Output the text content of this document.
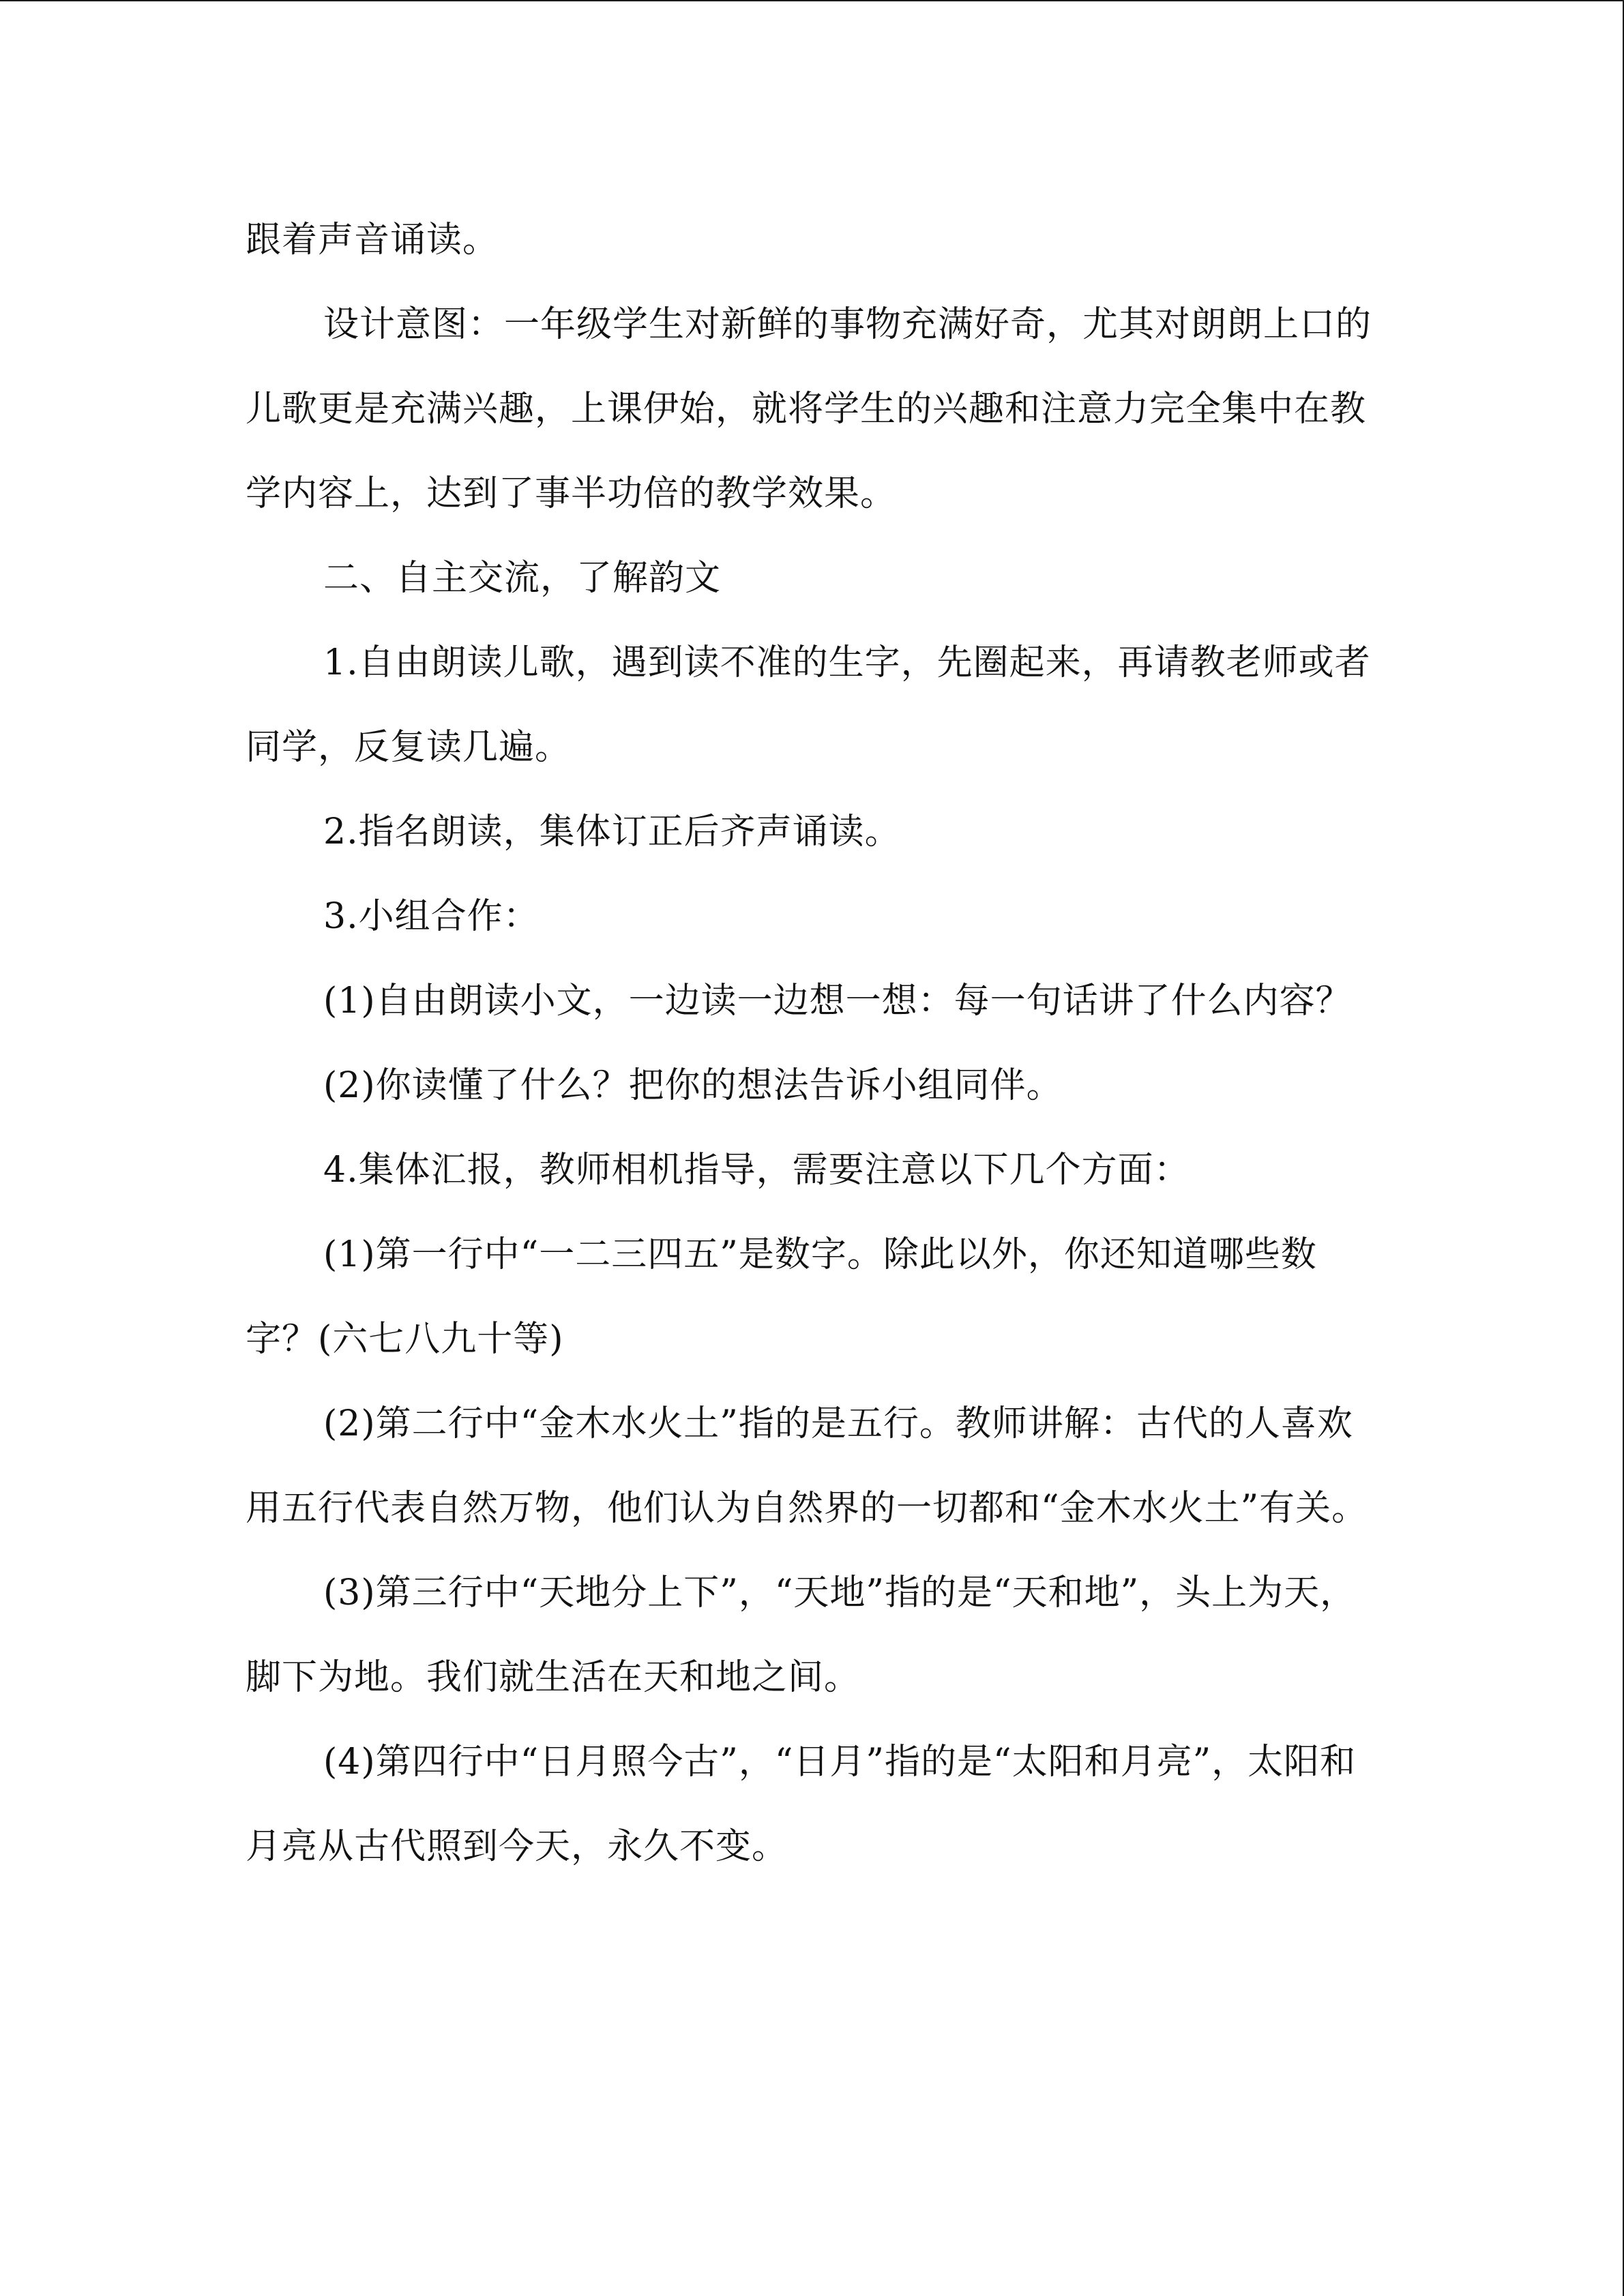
跟着声音诵读。

设计意图：一年级学生对新鲜的事物充满好奇，尤其对朗朗上口的儿歌更是充满兴趣，上课伊始，就将学生的兴趣和注意力完全集中在教学内容上，达到了事半功倍的教学效果。

二、自主交流，了解韵文

1.自由朗读儿歌，遇到读不准的生字，先圈起来，再请教老师或者同学，反复读几遍。

2.指名朗读，集体订正后齐声诵读。

3.小组合作：

(1)自由朗读小文，一边读一边想一想：每一句话讲了什么内容？

(2)你读懂了什么？把你的想法告诉小组同伴。

4.集体汇报，教师相机指导，需要注意以下几个方面：

(1)第一行中“一二三四五”是数字。除此以外，你还知道哪些数字？(六七八九十等)

(2)第二行中“金木水火土”指的是五行。教师讲解：古代的人喜欢用五行代表自然万物，他们认为自然界的一切都和“金木水火土”有关。

(3)第三行中“天地分上下”，“天地”指的是“天和地”，头上为天，脚下为地。我们就生活在天和地之间。

(4)第四行中“日月照今古”，“日月”指的是“太阳和月亮”，太阳和月亮从古代照到今天，永久不变。
